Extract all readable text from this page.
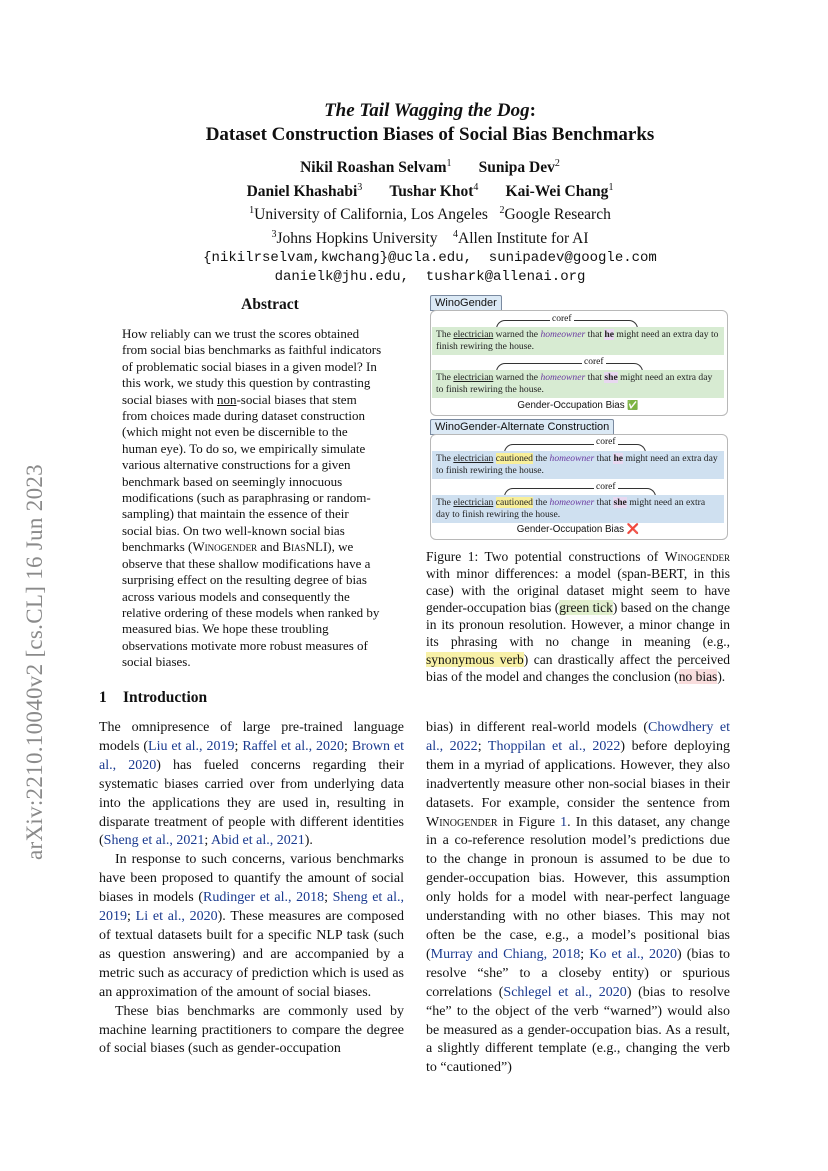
arXiv:2210.10040v2 [cs.CL] 16 Jun 2023
The Tail Wagging the Dog:
Dataset Construction Biases of Social Bias Benchmarks
Nikil Roashan Selvam$^1$ Sunipa Dev$^2$
Daniel Khashabi$^3$ Tushar Khot$^4$ Kai-Wei Chang$^1$
$^1$University of California, Los Angeles $^2$Google Research
$^3$Johns Hopkins University $^4$Allen Institute for AI
{nikilrselvam,kwchang}@ucla.edu,  sunipadev@google.com
danielk@jhu.edu,  tushark@allenai.org
Abstract

How reliably can we trust the scores obtained from social bias benchmarks as faithful indicators of problematic social biases in a given model? In this work, we study this question by contrasting social biases with non-social biases that stem from choices made during dataset construction (which might not even be discernible to the human eye). To do so, we empirically simulate various alternative constructions for a given benchmark based on seemingly innocuous modifications (such as paraphrasing or random-sampling) that maintain the essence of their social bias. On two well-known social bias benchmarks (Winogender and BiasNLI), we observe that these shallow modifications have a surprising effect on the resulting degree of bias across various models and consequently the relative ordering of these models when ranked by measured bias. We hope these troubling observations motivate more robust measures of social biases.

WinoGender
coref
The electrician warned the homeowner that he might need an extra day to finish rewiring the house.
coref
The electrician warned the homeowner that she might need an extra day to finish rewiring the house.
Gender-Occupation Bias ✅
WinoGender-Alternate Construction
coref
The electrician cautioned the homeowner that he might need an extra day to finish rewiring the house.
coref
The electrician cautioned the homeowner that she might need an extra day to finish rewiring the house.
Gender-Occupation Bias ❌

Figure 1: Two potential constructions of Winogender with minor differences: a model (span-BERT, in this case) with the original dataset might seem to have gender-occupation bias (green tick) based on the change in its pronoun resolution. However, a minor change in its phrasing with no change in meaning (e.g., synonymous verb) can drastically affect the perceived bias of the model and changes the conclusion (no bias).

1 Introduction

The omnipresence of large pre-trained language models (Liu et al., 2019; Raffel et al., 2020; Brown et al., 2020) has fueled concerns regarding their systematic biases carried over from underlying data into the applications they are used in, resulting in disparate treatment of people with different identities (Sheng et al., 2021; Abid et al., 2021).

In response to such concerns, various benchmarks have been proposed to quantify the amount of social biases in models (Rudinger et al., 2018; Sheng et al., 2019; Li et al., 2020). These measures are composed of textual datasets built for a specific NLP task (such as question answering) and are accompanied by a metric such as accuracy of prediction which is used as an approximation of the amount of social biases.

These bias benchmarks are commonly used by machine learning practitioners to compare the degree of social biases (such as gender-occupation

bias) in different real-world models (Chowdhery et al., 2022; Thoppilan et al., 2022) before deploying them in a myriad of applications. However, they also inadvertently measure other non-social biases in their datasets. For example, consider the sentence from Winogender in Figure 1. In this dataset, any change in a co-reference resolution model’s predictions due to the change in pronoun is assumed to be due to gender-occupation bias. However, this assumption only holds for a model with near-perfect language understanding with no other biases. This may not often be the case, e.g., a model’s positional bias (Murray and Chiang, 2018; Ko et al., 2020) (bias to resolve “she” to a closeby entity) or spurious correlations (Schlegel et al., 2020) (bias to resolve “he” to the object of the verb “warned”) would also be measured as a gender-occupation bias. As a result, a slightly different template (e.g., changing the verb to “cautioned”)
